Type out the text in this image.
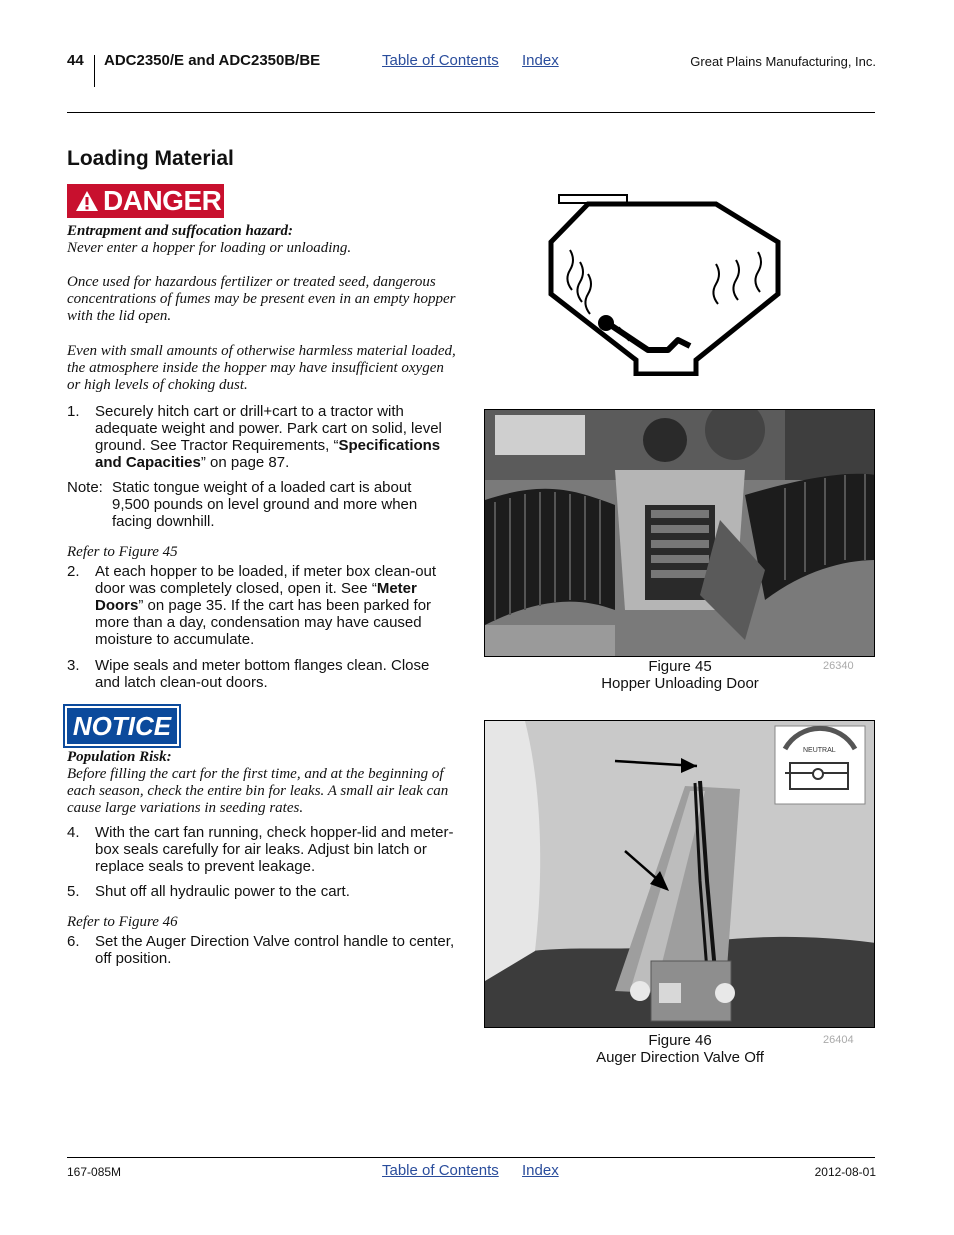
44 ADC2350/E and ADC2350B/BE	Table of Contents Index	Great Plains Manufacturing, Inc.
Loading Material
DANGER
Entrapment and suffocation hazard:
Never enter a hopper for loading or unloading.
Once used for hazardous fertilizer or treated seed, dangerous concentrations of fumes may be present even in an empty hopper with the lid open.
Even with small amounts of otherwise harmless material loaded, the atmosphere inside the hopper may have insufficient oxygen or high levels of choking dust.
1. Securely hitch cart or drill+cart to a tractor with adequate weight and power. Park cart on solid, level ground. See Tractor Requirements, “Specifications and Capacities” on page 87.
Note: Static tongue weight of a loaded cart is about 9,500 pounds on level ground and more when facing downhill.
Refer to Figure 45
2. At each hopper to be loaded, if meter box clean-out door was completely closed, open it. See “Meter Doors” on page 35. If the cart has been parked for more than a day, condensation may have caused moisture to accumulate.
3. Wipe seals and meter bottom flanges clean. Close and latch clean-out doors.
NOTICE
Population Risk:
Before filling the cart for the first time, and at the beginning of each season, check the entire bin for leaks. A small air leak can cause large variations in seeding rates.
4. With the cart fan running, check hopper-lid and meter-box seals carefully for air leaks. Adjust bin latch or replace seals to prevent leakage.
5. Shut off all hydraulic power to the cart.
Refer to Figure 46
6. Set the Auger Direction Valve control handle to center, off position.
Figure 45
Hopper Unloading Door
26340
NEUTRAL
Figure 46
Auger Direction Valve Off
26404
167-085M	Table of Contents Index	2012-08-01
